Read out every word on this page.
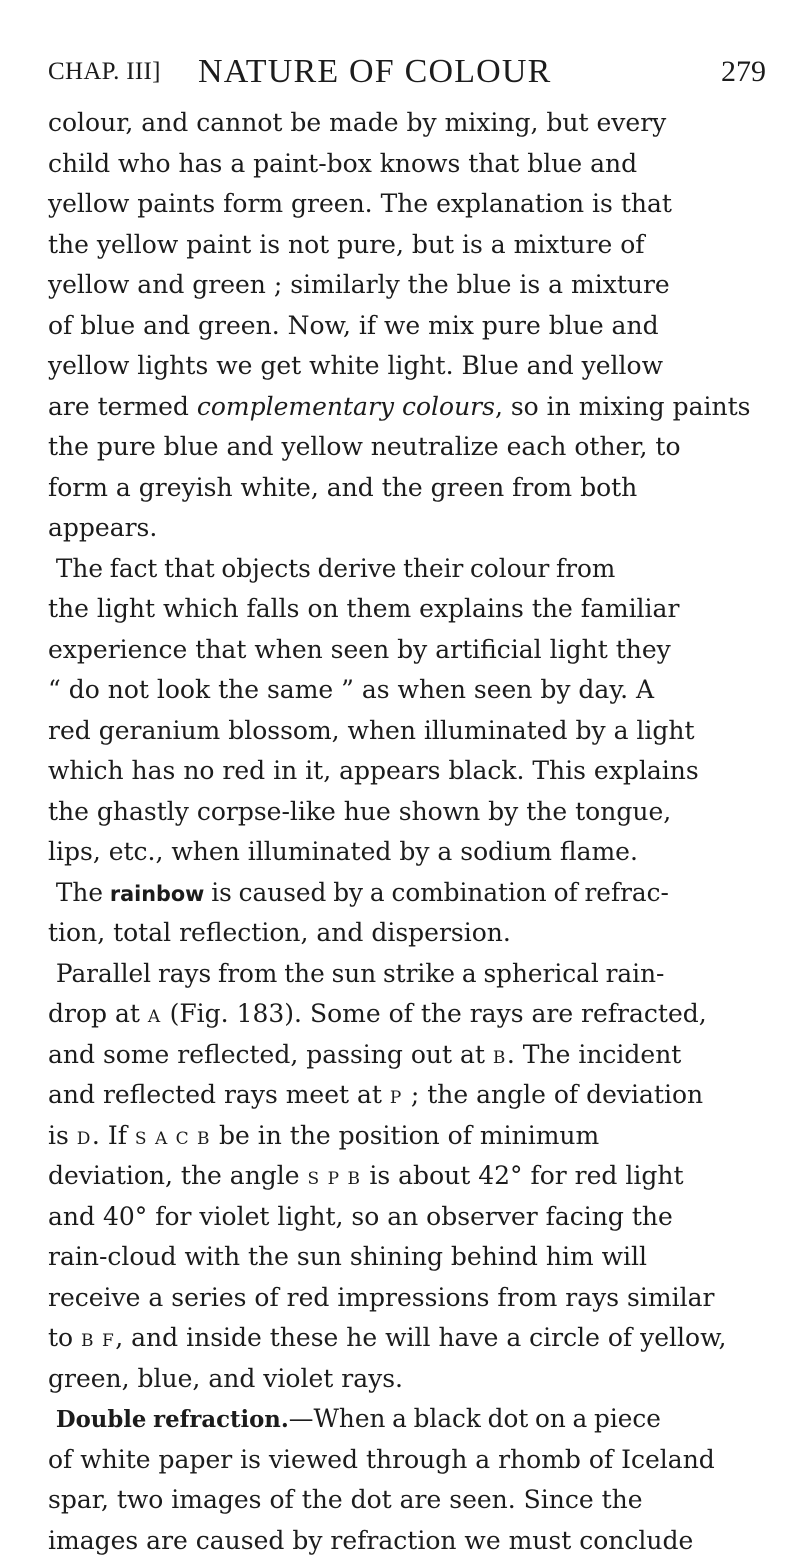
CHAP. III] NATURE OF COLOUR	279
colour, and cannot be made by mixing, but every
child who has a paint-box knows that blue and
yellow paints form green. The explanation is that
the yellow paint is not pure, but is a mixture of
yellow and green ; similarly the blue is a mixture
of blue and green. Now, if we mix pure blue and
yellow lights we get white light. Blue and yellow
are termed complementary colours, so in mixing paints
the pure blue and yellow neutralize each other, to
form a greyish white, and the green from both
appears.
The fact that objects derive their colour from
the light which falls on them explains the familiar
experience that when seen by artificial light they
“ do not look the same ” as when seen by day. A
red geranium blossom, when illuminated by a light
which has no red in it, appears black. This explains
the ghastly corpse-like hue shown by the tongue,
lips, etc., when illuminated by a sodium flame.
The rainbow is caused by a combination of refrac-
tion, total reflection, and dispersion.
Parallel rays from the sun strike a spherical rain-
drop at A (Fig. 183). Some of the rays are refracted,
and some reflected, passing out at B. The incident
and reflected rays meet at P ; the angle of deviation
is D. If S A C B be in the position of minimum
deviation, the angle S P B is about 42° for red light
and 40° for violet light, so an observer facing the
rain-cloud with the sun shining behind him will
receive a series of red impressions from rays similar
to B F, and inside these he will have a circle of yellow,
green, blue, and violet rays.
Double refraction.—When a black dot on a piece
of white paper is viewed through a rhomb of Iceland
spar, two images of the dot are seen. Since the
images are caused by refraction we must conclude
